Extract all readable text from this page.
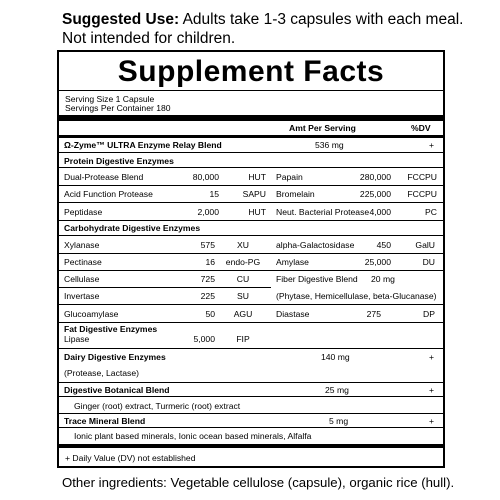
Suggested Use: Adults take 1-3 capsules with each meal. Not intended for children.
Supplement Facts
Serving Size 1 Capsule
Servings Per Container 180
Amt Per Serving	%DV
Ω-Zyme™ ULTRA Enzyme Relay Blend	536 mg	+
Protein Digestive Enzymes
Dual-Protease Blend	80,000	HUT Papain	280,000	FCCPU
Acid Function Protease	15	SAPU Bromelain	225,000	FCCPU
Peptidase	2,000	HUT Neut. Bacterial Protease 4,000	PC
Carbohydrate Digestive Enzymes
Xylanase	575	XU	alpha-Galactosidase	450	GalU
Pectinase	16	endo-PG	Amylase	25,000	DU
Cellulase	725	CU	Fiber Digestive Blend 20 mg
Invertase	225	SU	(Phytase, Hemicellulase, beta-Glucanase)
Glucoamylase	50	AGU	Diastase	275	DP
Fat Digestive Enzymes
Lipase	5,000	FIP
Dairy Digestive Enzymes	140 mg	+
(Protease, Lactase)
Digestive Botanical Blend	25 mg	+
Ginger (root) extract, Turmeric (root) extract
Trace Mineral Blend	5 mg	+
Ionic plant based minerals, Ionic ocean based minerals, Alfalfa
+ Daily Value (DV) not established
Other ingredients: Vegetable cellulose (capsule), organic rice (hull).
